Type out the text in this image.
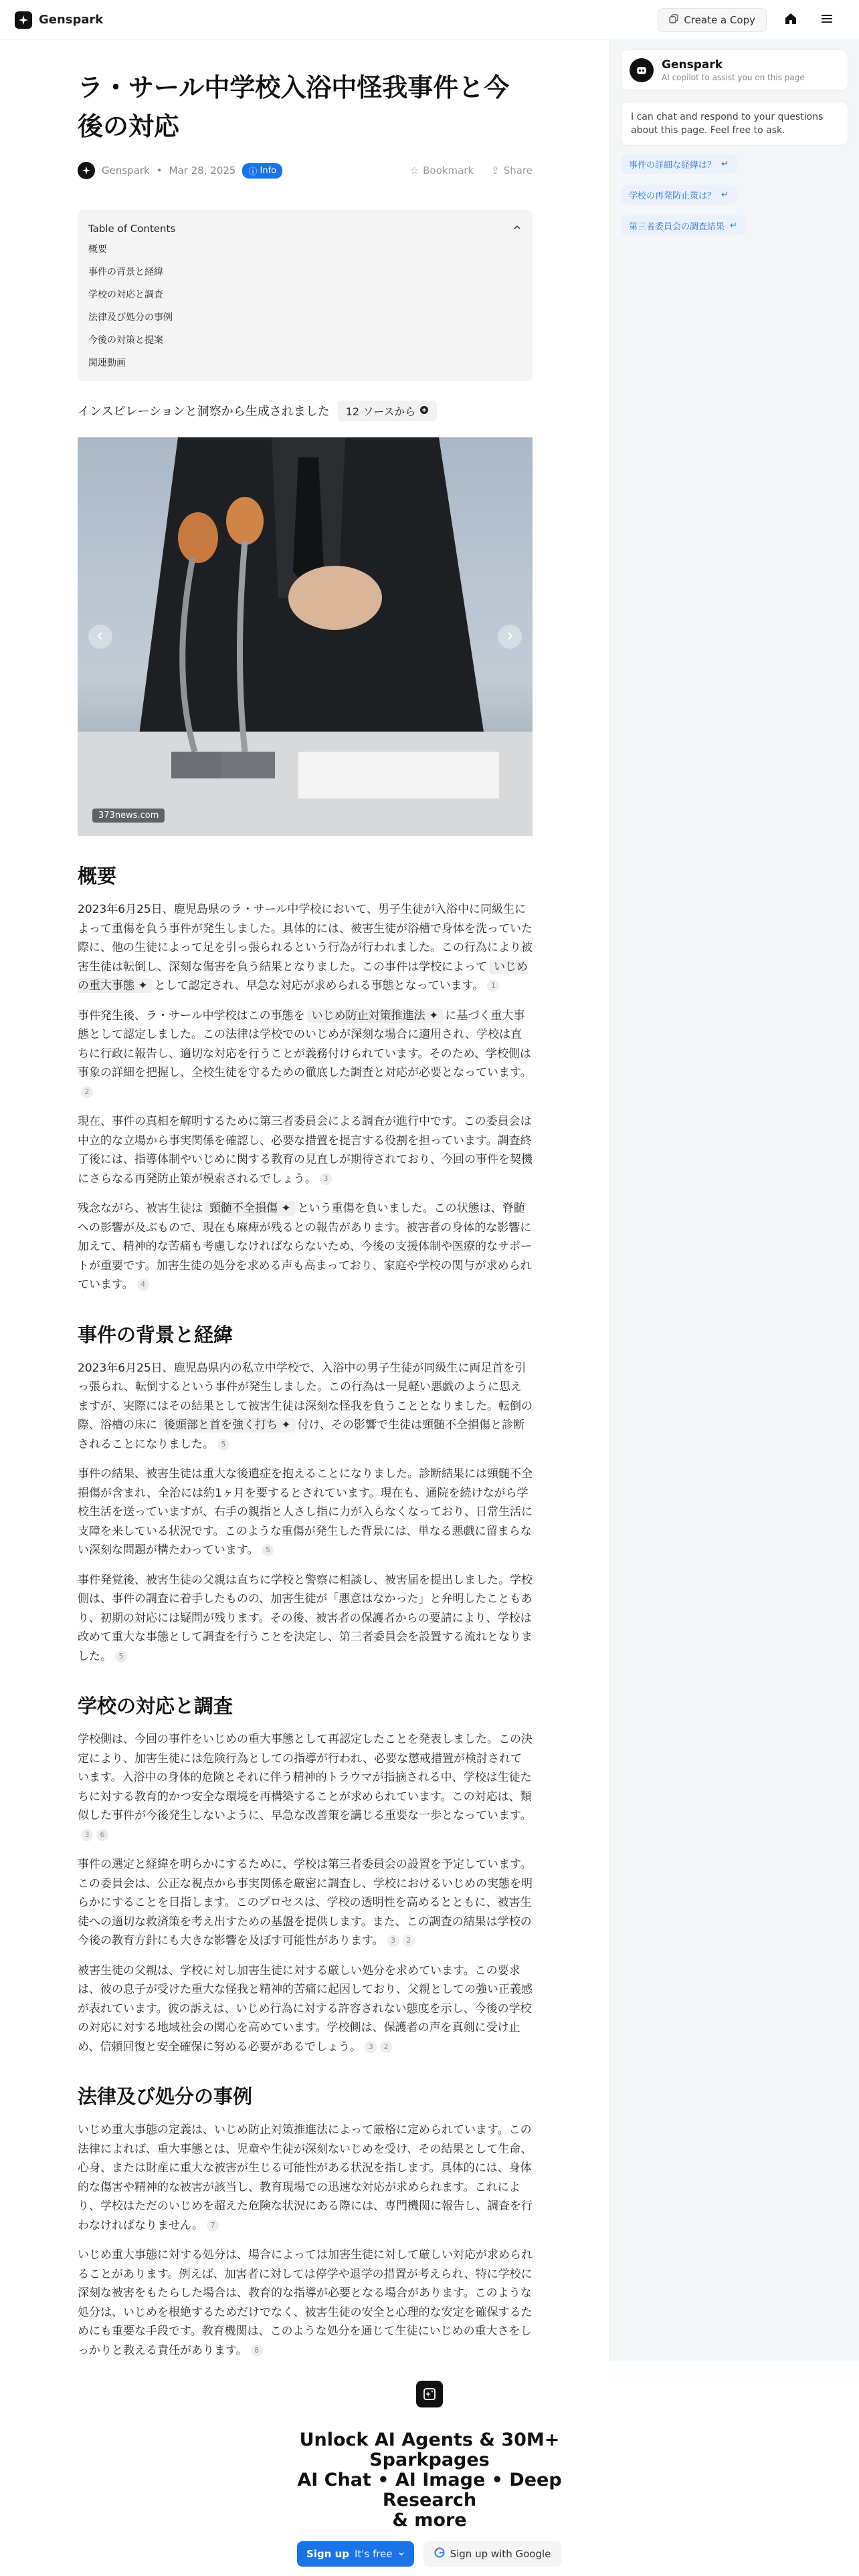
Genspark	Create a Copy
ラ・サール中学校入浴中怪我事件と今後の対応
Genspark • Mar 28, 2025 ⓘ Info	☆ Bookmark ⇪ Share
Table of Contents
概要
事件の背景と経緯
学校の対応と調査
法律及び処分の事例
今後の対策と提案
関連動画
インスピレーションと洞察から生成されました 12 ソースから
373news.com
概要

2023年6月25日、鹿児島県のラ・サール中学校において、男子生徒が入浴中に同級生によって重傷を負う事件が発生しました。具体的には、被害生徒が浴槽で身体を洗っていた際に、他の生徒によって足を引っ張られるという行為が行われました。この行為により被害生徒は転倒し、深刻な傷害を負う結果となりました。この事件は学校によって いじめの重大事態 ✦ として認定され、早急な対応が求められる事態となっています。 1

事件発生後、ラ・サール中学校はこの事態を いじめ防止対策推進法 ✦ に基づく重大事態として認定しました。この法律は学校でのいじめが深刻な場合に適用され、学校は直ちに行政に報告し、適切な対応を行うことが義務付けられています。そのため、学校側は事象の詳細を把握し、全校生徒を守るための徹底した調査と対応が必要となっています。2

現在、事件の真相を解明するために第三者委員会による調査が進行中です。この委員会は中立的な立場から事実関係を確認し、必要な措置を提言する役割を担っています。調査終了後には、指導体制やいじめに関する教育の見直しが期待されており、今回の事件を契機にさらなる再発防止策が模索されるでしょう。 3

残念ながら、被害生徒は 頸髄不全損傷 ✦ という重傷を負いました。この状態は、脊髄への影響が及ぶもので、現在も麻痺が残るとの報告があります。被害者の身体的な影響に加えて、精神的な苦痛も考慮しなければならないため、今後の支援体制や医療的なサポートが重要です。加害生徒の処分を求める声も高まっており、家庭や学校の関与が求められています。 4

事件の背景と経緯

2023年6月25日、鹿児島県内の私立中学校で、入浴中の男子生徒が同級生に両足首を引っ張られ、転倒するという事件が発生しました。この行為は一見軽い悪戯のように思えますが、実際にはその結果として被害生徒は深刻な怪我を負うこととなりました。転倒の際、浴槽の床に 後頭部と首を強く打ち ✦ 付け、その影響で生徒は頸髄不全損傷と診断されることになりました。 5

事件の結果、被害生徒は重大な後遺症を抱えることになりました。診断結果には頸髄不全損傷が含まれ、全治には約1ヶ月を要するとされています。現在も、通院を続けながら学校生活を送っていますが、右手の親指と人さし指に力が入らなくなっており、日常生活に支障を来している状況です。このような重傷が発生した背景には、単なる悪戯に留まらない深刻な問題が構たわっています。 5

事件発覚後、被害生徒の父親は直ちに学校と警察に相談し、被害届を提出しました。学校側は、事件の調査に着手したものの、加害生徒が「悪意はなかった」と弁明したこともあり、初期の対応には疑問が残ります。その後、被害者の保護者からの要請により、学校は改めて重大な事態として調査を行うことを決定し、第三者委員会を設置する流れとなりました。 5

学校の対応と調査

学校側は、今回の事件をいじめの重大事態として再認定したことを発表しました。この決定により、加害生徒には危険行為としての指導が行われ、必要な懲戒措置が検討されています。入浴中の身体的危険とそれに伴う精神的トラウマが指摘される中、学校は生徒たちに対する教育的かつ安全な環境を再構築することが求められています。この対応は、類似した事件が今後発生しないように、早急な改善策を講じる重要な一歩となっています。3 6

事件の選定と経緯を明らかにするために、学校は第三者委員会の設置を予定しています。この委員会は、公正な視点から事実関係を厳密に調査し、学校におけるいじめの実態を明らかにすることを目指します。このプロセスは、学校の透明性を高めるとともに、被害生徒への適切な救済策を考え出すための基盤を提供します。また、この調査の結果は学校の今後の教育方針にも大きな影響を及ぼす可能性があります。 3 2

被害生徒の父親は、学校に対し加害生徒に対する厳しい処分を求めています。この要求は、彼の息子が受けた重大な怪我と精神的苦痛に起因しており、父親としての強い正義感が表れています。彼の訴えは、いじめ行為に対する許容されない態度を示し、今後の学校の対応に対する地域社会の関心を高めています。学校側は、保護者の声を真剣に受け止め、信頼回復と安全確保に努める必要があるでしょう。 3 2

法律及び処分の事例

いじめ重大事態の定義は、いじめ防止対策推進法によって厳格に定められています。この法律によれば、重大事態とは、児童や生徒が深刻ないじめを受け、その結果として生命、心身、または財産に重大な被害が生じる可能性がある状況を指します。具体的には、身体的な傷害や精神的な被害が該当し、教育現場での迅速な対応が求められます。これにより、学校はただのいじめを超えた危険な状況にある際には、専門機関に報告し、調査を行わなければなりません。 7

いじめ重大事態に対する処分は、場合によっては加害生徒に対して厳しい対応が求められることがあります。例えば、加害者に対しては停学や退学の措置が考えられ、特に学校に深刻な被害をもたらした場合は、教育的な指導が必要となる場合があります。このような処分は、いじめを根絶するためだけでなく、被害生徒の安全と心理的な安定を確保するためにも重要な手段です。教育機関は、このような処分を通じて生徒にいじめの重大さをしっかりと教える責任があります。 8

Genspark
AI copilot to assist you on this page
I can chat and respond to your questions about this page. Feel free to ask.
事件の詳細な経緯は？ ↵
学校の再発防止策は？ ↵
第三者委員会の調査結果 ↵
Unlock AI Agents & 30M+
Sparkpages
AI Chat • AI Image • Deep Research
& more
Sign up It's free	Sign up with Google
